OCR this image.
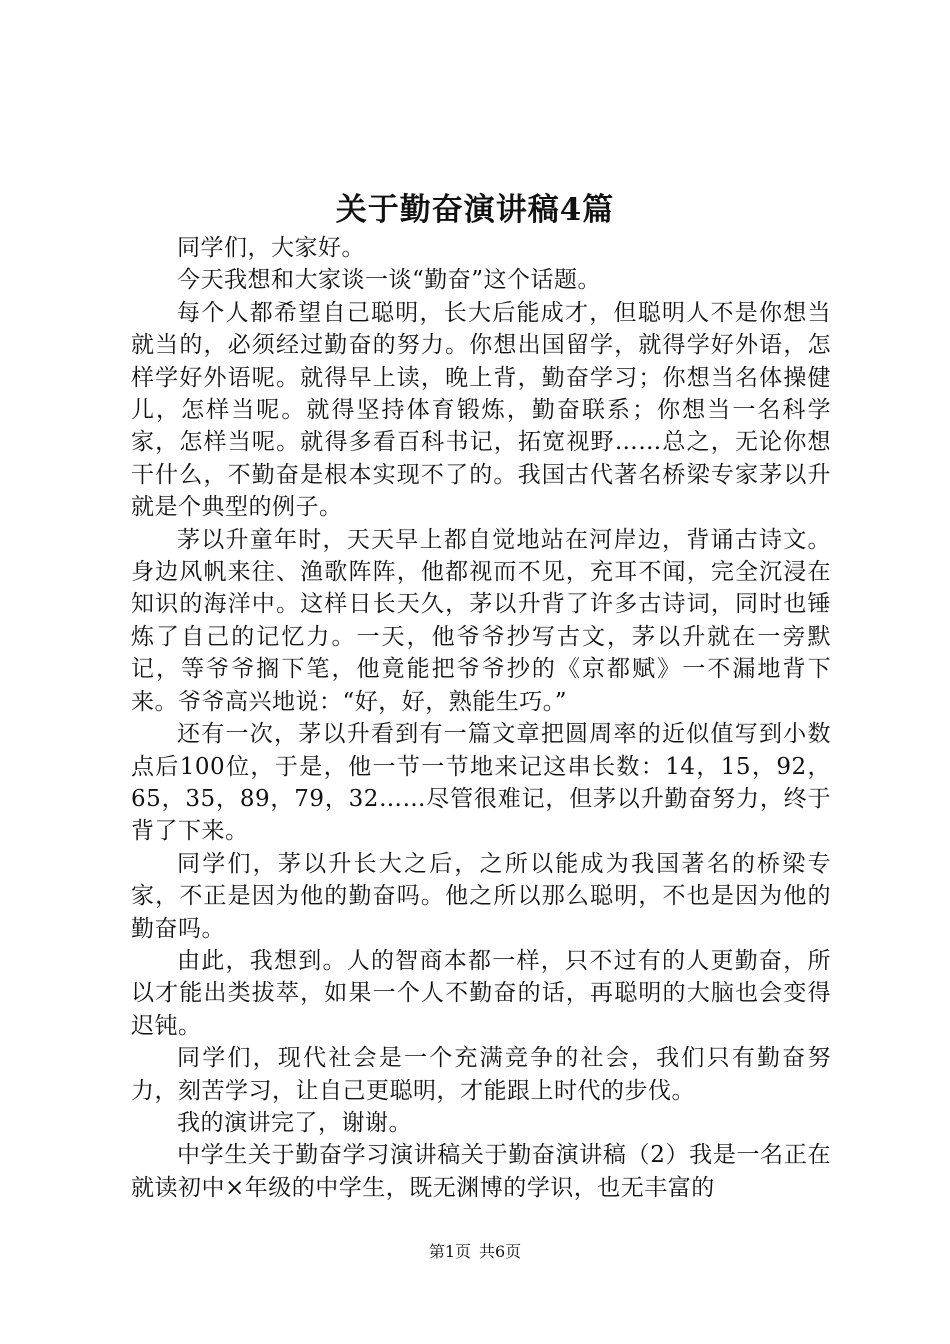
关于勤奋演讲稿4篇

同学们，大家好。

今天我想和大家谈一谈“勤奋”这个话题。

每个人都希望自己聪明，长大后能成才，但聪明人不是你想当就当的，必须经过勤奋的努力。你想出国留学，就得学好外语，怎样学好外语呢。就得早上读，晚上背，勤奋学习；你想当名体操健儿，怎样当呢。就得坚持体育锻炼，勤奋联系；你想当一名科学家，怎样当呢。就得多看百科书记，拓宽视野……总之，无论你想干什么，不勤奋是根本实现不了的。我国古代著名桥梁专家茅以升就是个典型的例子。

茅以升童年时，天天早上都自觉地站在河岸边，背诵古诗文。身边风帆来往、渔歌阵阵，他都视而不见，充耳不闻，完全沉浸在知识的海洋中。这样日长天久，茅以升背了许多古诗词，同时也锤炼了自己的记忆力。一天，他爷爷抄写古文，茅以升就在一旁默记，等爷爷搁下笔，他竟能把爷爷抄的《京都赋》一不漏地背下来。爷爷高兴地说：“好，好，熟能生巧。”

还有一次，茅以升看到有一篇文章把圆周率的近似值写到小数点后100位，于是，他一节一节地来记这串长数：14，15，92，65，35，89，79，32……尽管很难记，但茅以升勤奋努力，终于背了下来。

同学们，茅以升长大之后，之所以能成为我国著名的桥梁专家，不正是因为他的勤奋吗。他之所以那么聪明，不也是因为他的勤奋吗。

由此，我想到。人的智商本都一样，只不过有的人更勤奋，所以才能出类拔萃，如果一个人不勤奋的话，再聪明的大脑也会变得迟钝。

同学们，现代社会是一个充满竞争的社会，我们只有勤奋努力，刻苦学习，让自己更聪明，才能跟上时代的步伐。

我的演讲完了，谢谢。

中学生关于勤奋学习演讲稿关于勤奋演讲稿（2）我是一名正在就读初中×年级的中学生，既无渊博的学识，也无丰富的

第1页 共6页
